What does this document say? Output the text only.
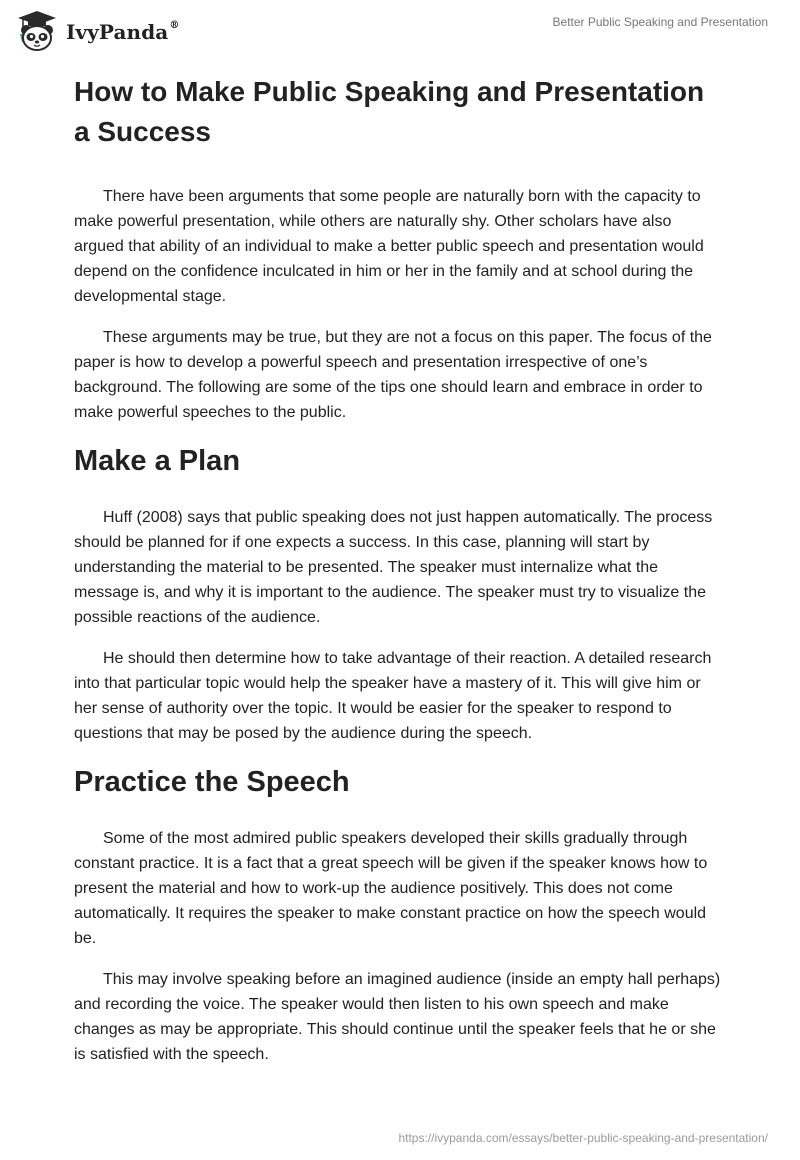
IvyPanda®	Better Public Speaking and Presentation
How to Make Public Speaking and Presentation a Success

There have been arguments that some people are naturally born with the capacity to make powerful presentation, while others are naturally shy. Other scholars have also argued that ability of an individual to make a better public speech and presentation would depend on the confidence inculcated in him or her in the family and at school during the developmental stage.

These arguments may be true, but they are not a focus on this paper. The focus of the paper is how to develop a powerful speech and presentation irrespective of one’s background. The following are some of the tips one should learn and embrace in order to make powerful speeches to the public.

Make a Plan

Huff (2008) says that public speaking does not just happen automatically. The process should be planned for if one expects a success. In this case, planning will start by understanding the material to be presented. The speaker must internalize what the message is, and why it is important to the audience. The speaker must try to visualize the possible reactions of the audience.

He should then determine how to take advantage of their reaction. A detailed research into that particular topic would help the speaker have a mastery of it. This will give him or her sense of authority over the topic. It would be easier for the speaker to respond to questions that may be posed by the audience during the speech.

Practice the Speech

Some of the most admired public speakers developed their skills gradually through constant practice. It is a fact that a great speech will be given if the speaker knows how to present the material and how to work-up the audience positively. This does not come automatically. It requires the speaker to make constant practice on how the speech would be.

This may involve speaking before an imagined audience (inside an empty hall perhaps) and recording the voice. The speaker would then listen to his own speech and make changes as may be appropriate. This should continue until the speaker feels that he or she is satisfied with the speech.

https://ivypanda.com/essays/better-public-speaking-and-presentation/
